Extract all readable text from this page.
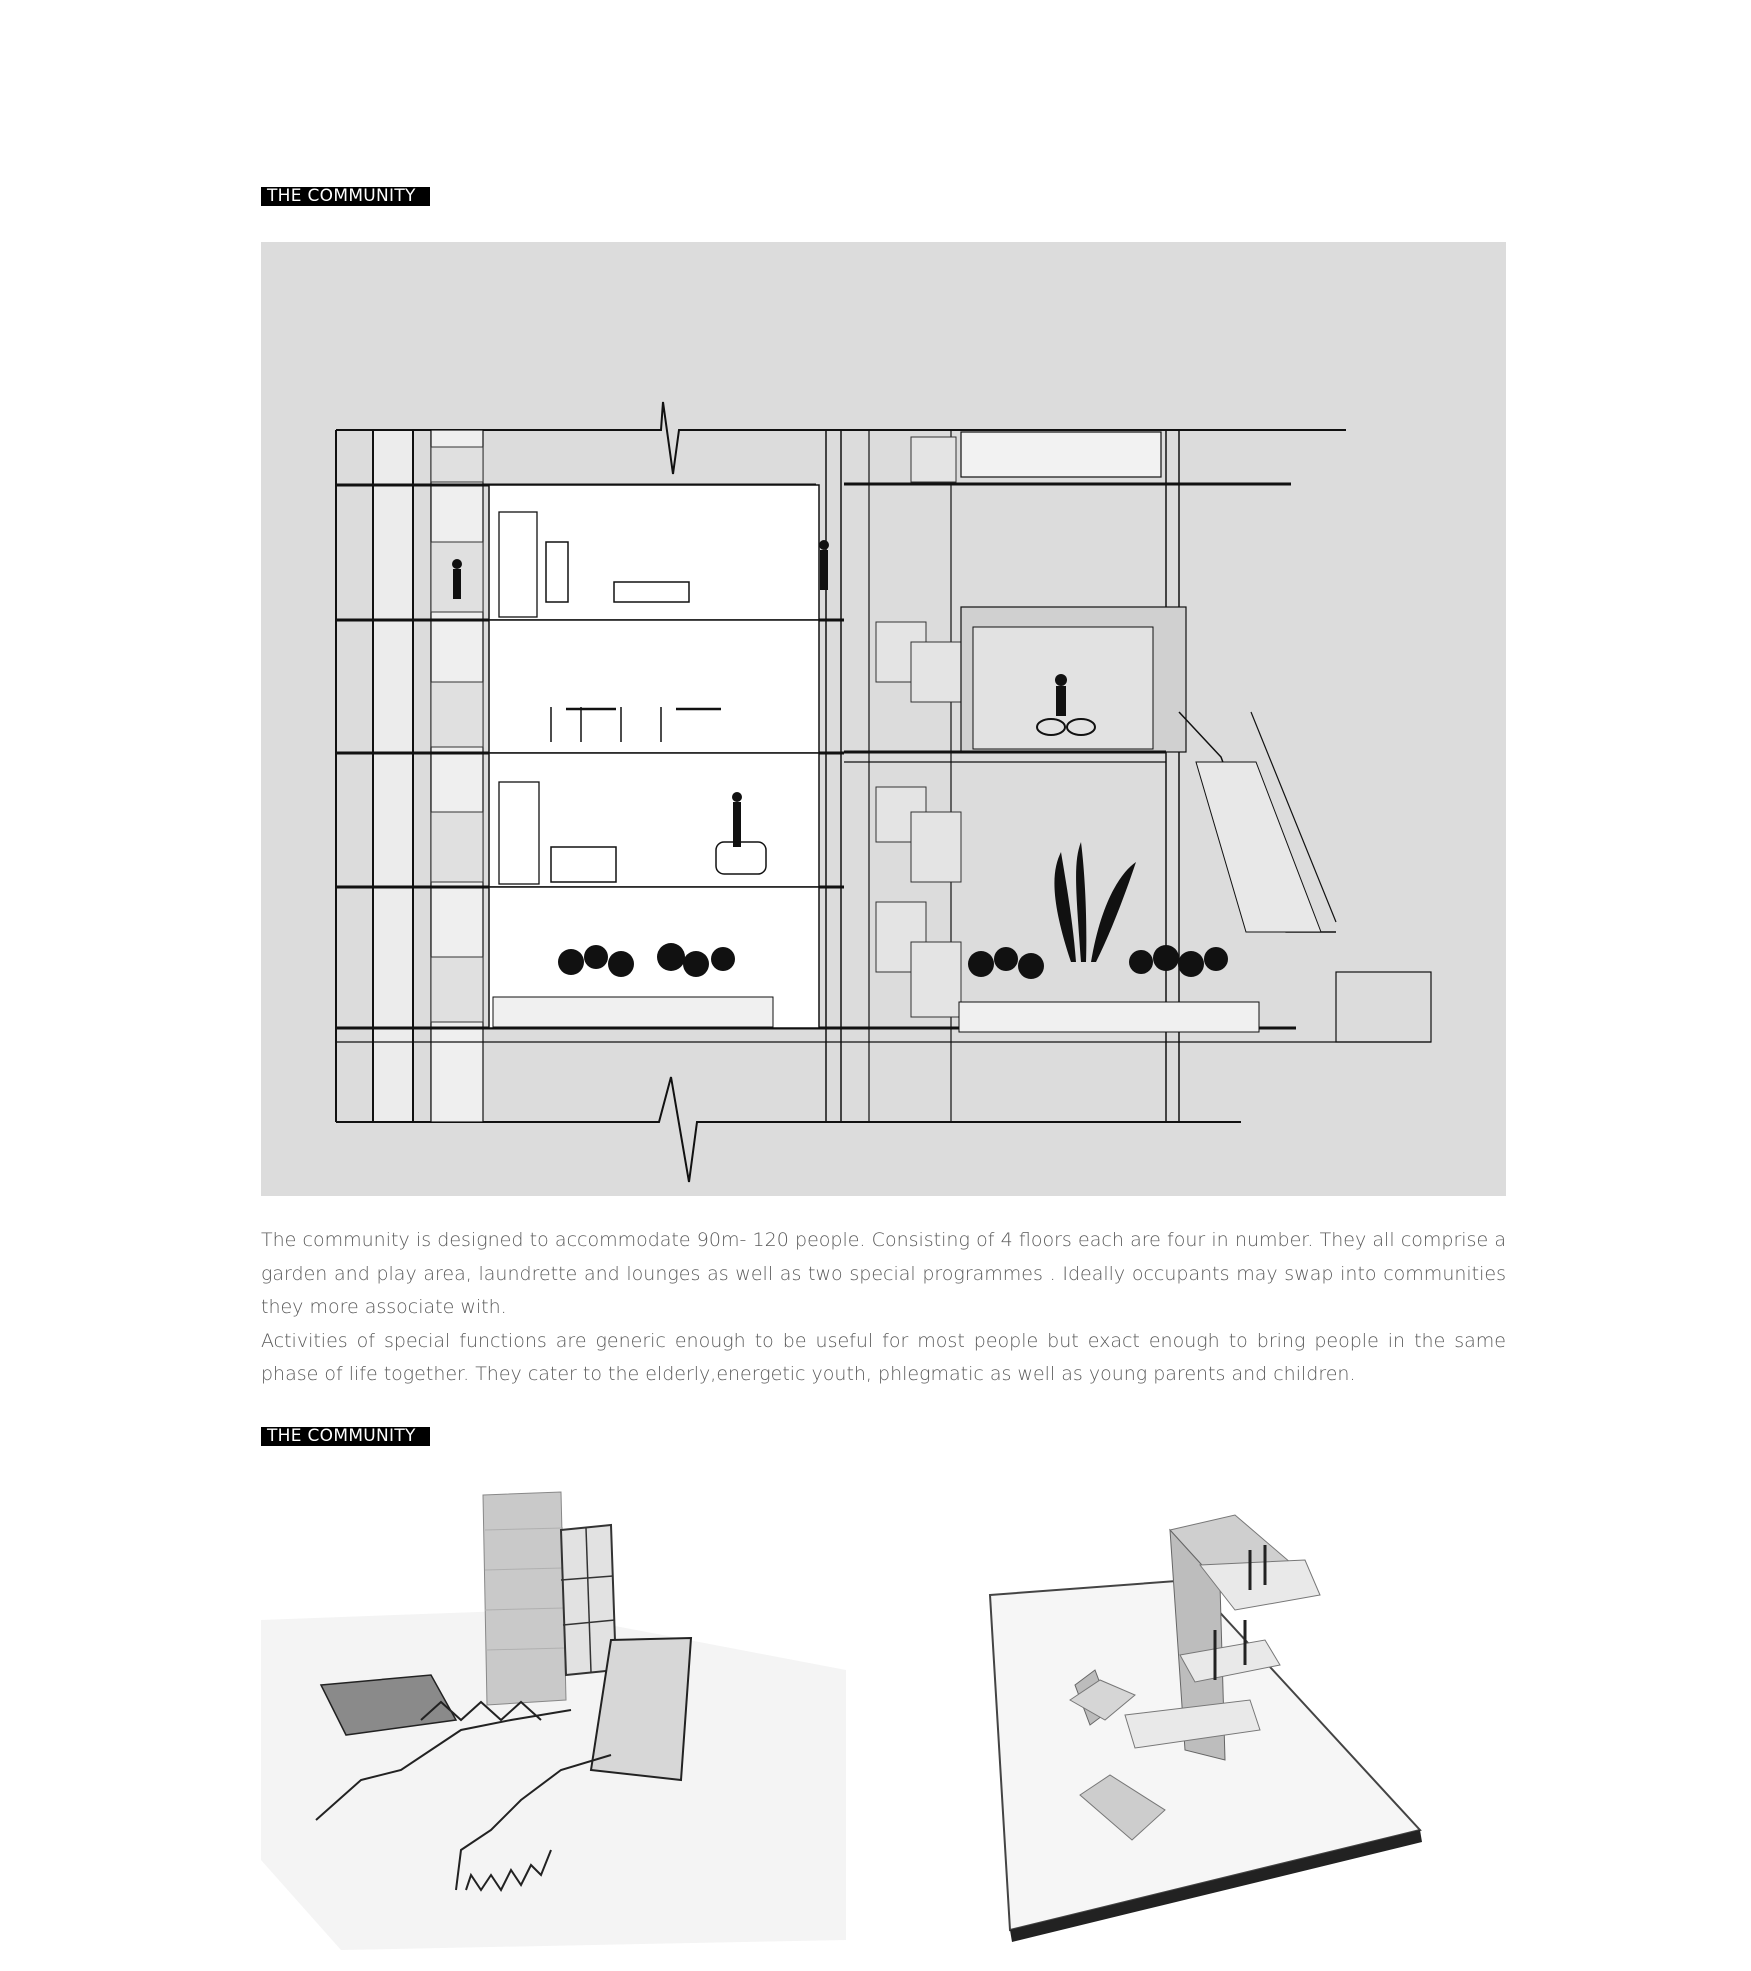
THE COMMUNITY

The community is designed to accommodate 90m- 120 people. Consisting of 4 floors each are four in number. They all comprise a garden and play area, laundrette and lounges as well as two special programmes . Ideally occupants may swap into communities they more associate with.

Activities of special functions are generic enough to be useful for most people but exact enough to bring people in the same phase of life together. They cater to the elderly,energetic youth, phlegmatic as well as young parents and children.

THE COMMUNITY
